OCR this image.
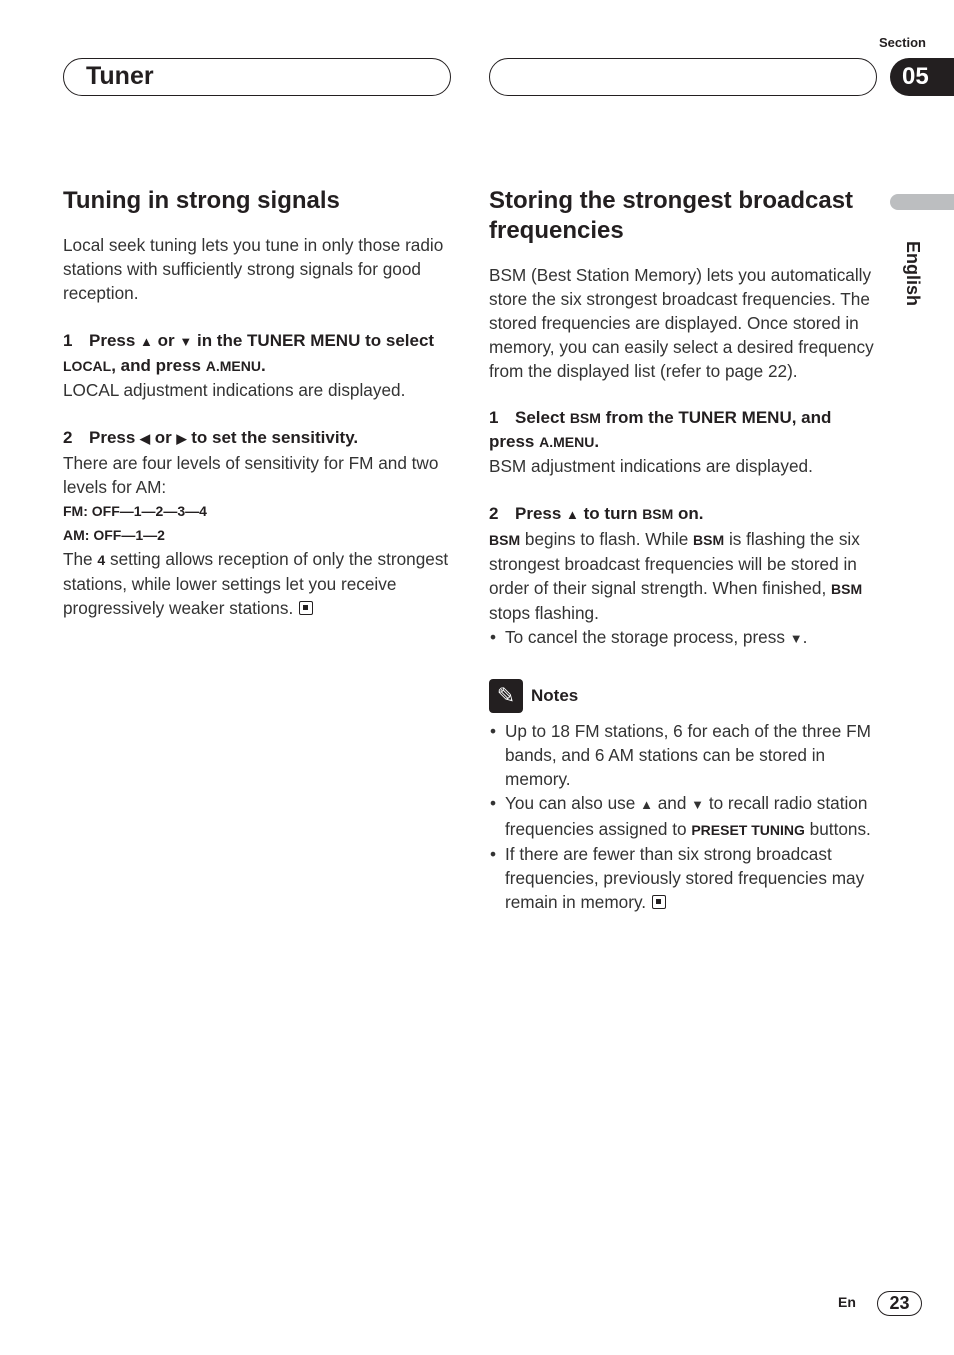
Section
Tuner	05
English
Tuning in strong signals

Local seek tuning lets you tune in only those radio stations with sufficiently strong signals for good reception.

1 Press ▲ or ▼ in the TUNER MENU to select LOCAL, and press A.MENU.

LOCAL adjustment indications are displayed.

2 Press ◀ or ▶ to set the sensitivity.

There are four levels of sensitivity for FM and two levels for AM:

FM: OFF—1—2—3—4

AM: OFF—1—2

The 4 setting allows reception of only the strongest stations, while lower settings let you receive progressively weaker stations.

Storing the strongest broadcast frequencies

BSM (Best Station Memory) lets you automatically store the six strongest broadcast frequencies. The stored frequencies are displayed. Once stored in memory, you can easily select a desired frequency from the displayed list (refer to page 22).

1 Select BSM from the TUNER MENU, and press A.MENU.

BSM adjustment indications are displayed.

2 Press ▲ to turn BSM on.

BSM begins to flash. While BSM is flashing the six strongest broadcast frequencies will be stored in order of their signal strength. When finished, BSM stops flashing.

• To cancel the storage process, press ▼.
✎ Notes
• Up to 18 FM stations, 6 for each of the three FM bands, and 6 AM stations can be stored in memory.
• You can also use ▲ and ▼ to recall radio station frequencies assigned to PRESET TUNING buttons.
• If there are fewer than six strong broadcast frequencies, previously stored frequencies may remain in memory.
En	23
